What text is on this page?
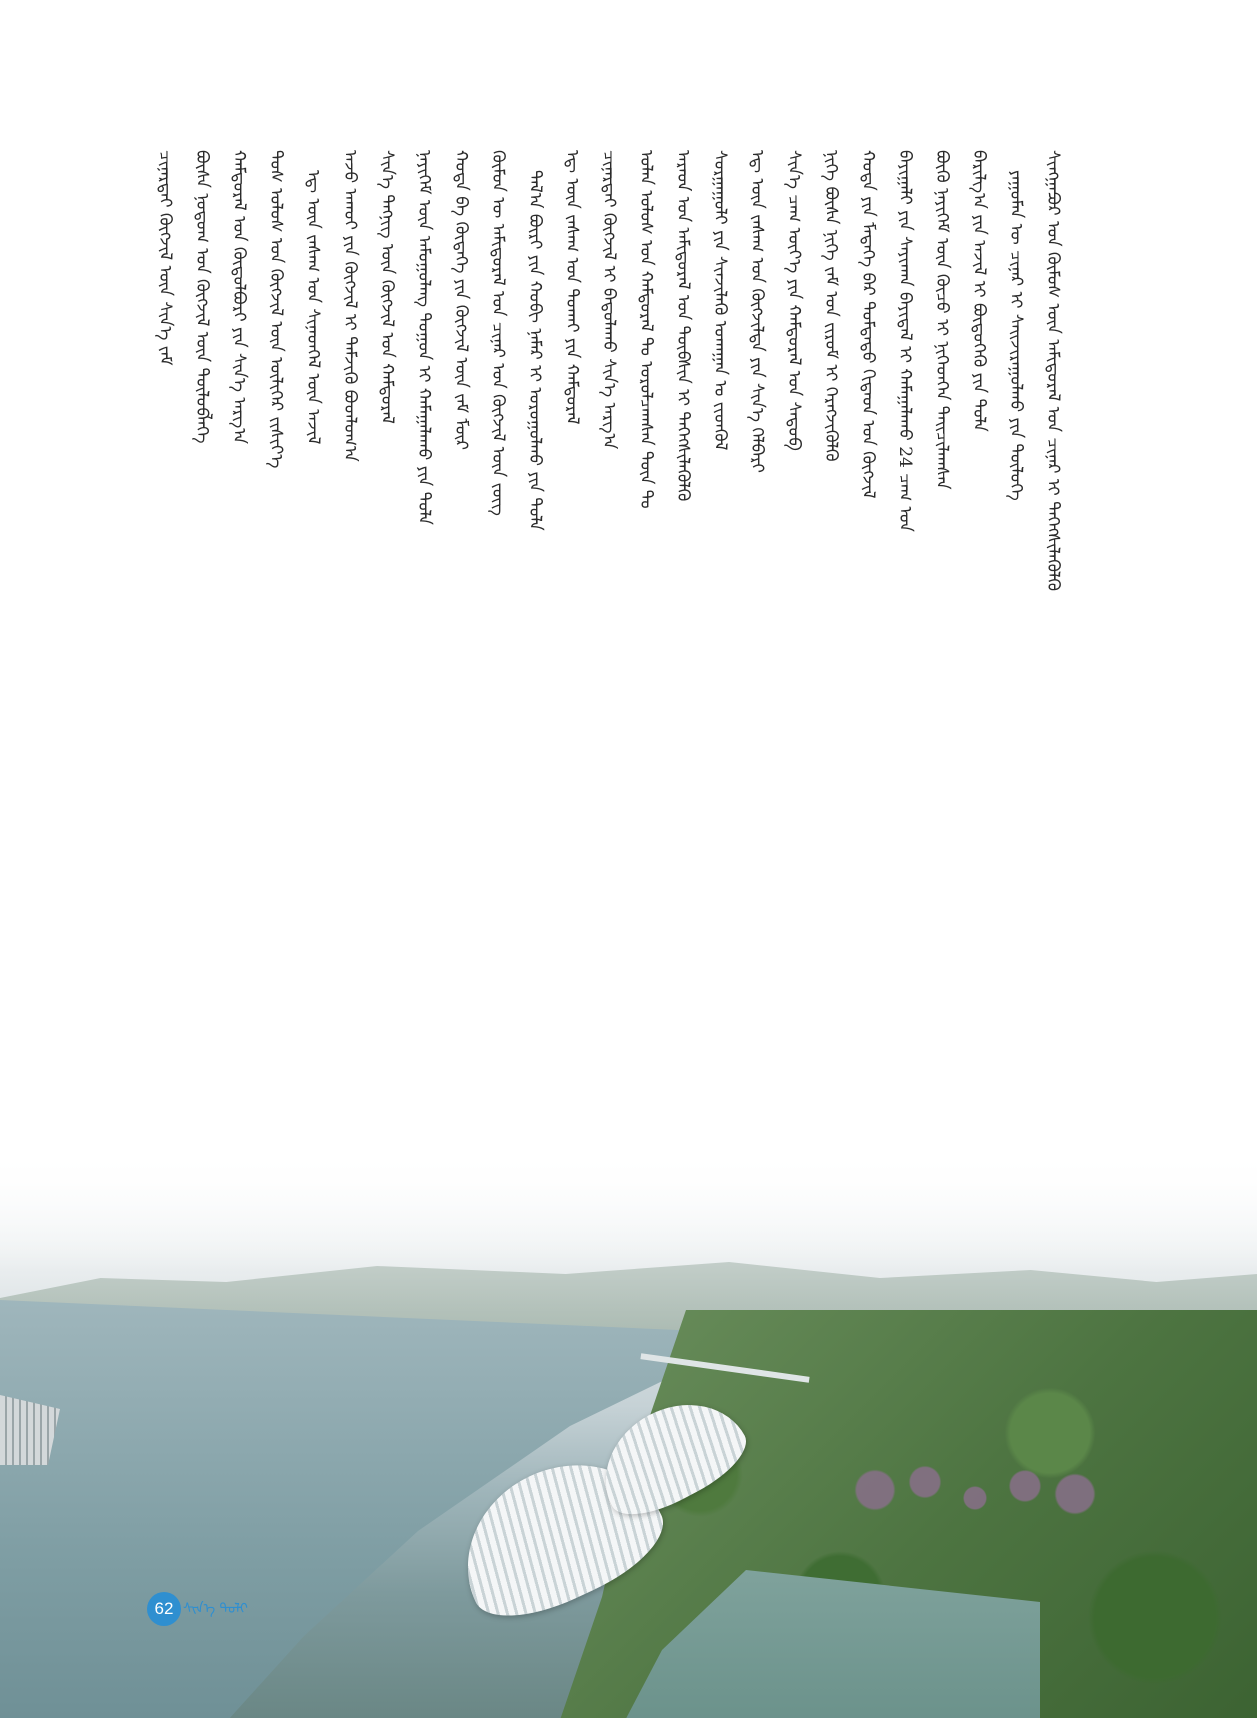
ᠰᠢᠨᠭᠭᠠᠫᠦᠷ ᠤᠨ ᠬᠦᠮᠦᠰ ᠦᠨ ᠠᠮᠢᠳᠤᠷᠠᠯ ᠤᠨ ᠴᠢᠨᠠᠷ ᠢ ᠳᠡᠭᠡᠭᠰᠢᠯᠡᠭᠦᠯᠬᠦ
ᠶᠠᠭᠤᠮᠠᠨ ᠦ ᠴᠢᠨᠠᠷ ᠢ ᠰᠠᠢᠵᠢᠷᠠᠭᠤᠯᠬᠤ ᠶᠢᠨ ᠲᠥᠯᠥᠭᠡ
ᠪᠠᠷᠢᠯᠭ᠎ᠠ ᠶᠢᠨ ᠠᠵᠢᠯ ᠢ ᠪᠦᠲᠦᠭᠡᠬᠦ ᠶᠢᠨ ᠲᠤᠯᠠ
ᠪᠦᠬᠦ ᠨᠡᠶᠢᠭᠡᠮ ᠦᠨ ᠬᠦᠴᠦ ᠢ ᠨᠢᠭᠡᠳᠬᠡᠨ ᠳᠠᠢᠴᠢᠯᠠᠭᠰᠠᠨ
ᠪᠠᠶᠢᠭᠠᠯᠢ ᠶᠢᠨ ᠰᠠᠶᠢᠬᠠᠨ ᠪᠠᠶᠢᠳᠠᠯ ᠢ ᠬᠠᠮᠠᠭᠠᠯᠠᠬᠤ 24 ᠴᠠᠭ ᠤᠨ
ᠬᠣᠲᠠ ᠶᠢᠨ ᠮᠡᠳᠡᠭᠡ ᠪᠠᠷ ᠳᠤᠮᠳᠠᠳᠤ ᠬᠢᠳᠠᠳ ᠤᠨ ᠬᠥᠭᠵᠢᠯ
ᠨᠢᠭᠡ ᠪᠦᠰᠡ ᠨᠢᠭᠡ ᠵᠠᠮ ᠤᠨ ᠵᠢᠷᠤᠮ ᠢ ᠬᠡᠷᠡᠭᠵᠢᠭᠦᠯᠬᠦ
ᠰᠢᠨ᠎ᠡ ᠴᠠᠭ ᠦᠶ᠎ᠡ ᠶᠢᠨ ᠬᠠᠮᠲᠤᠷᠠᠯ ᠤᠨ ᠰᠡᠳᠦᠪ
ᠡᠳ᠋ ᠦᠨ ᠵᠠᠰᠠᠭ ᠤᠨ ᠬᠥᠭᠵᠢᠯᠲᠡ ᠶᠢᠨ ᠰᠢᠨ᠎ᠡ ᠬᠡᠯᠪᠡᠷᠢ
ᠰᠤᠷᠭᠠᠭᠤᠯᠢ ᠶᠢᠨ ᠰᠢᠨᠵᠢᠯᠡᠬᠦ ᠤᠬᠠᠭᠠᠨ ᠤ ᠵᠢᠳᠭᠦᠯ
ᠠᠷᠠᠳ ᠤᠨ ᠠᠮᠢᠳᠤᠷᠠᠯ ᠤᠨ ᠲᠦᠪᠰᠢᠨ ᠢ ᠳᠡᠭᠡᠭᠰᠢᠯᠡᠭᠦᠯᠬᠦ
ᠣᠯᠠᠨ ᠤᠯᠤᠰ ᠤᠨ ᠬᠠᠮᠲᠤᠷᠠᠯ ᠲᠤ ᠣᠷᠣᠯᠴᠠᠭᠰᠠᠨ ᠳᠦᠨ ᠲᠤ
ᠴᠢᠨᠠᠷᠲᠠᠢ ᠬᠥᠭᠵᠢᠯ ᠢ ᠪᠠᠲᠤᠯᠠᠬᠤ ᠰᠢᠨ᠎ᠡ ᠠᠷᠭ᠎ᠠ
ᠡᠳ᠋ ᠦᠨ ᠵᠠᠰᠠᠭ ᠤᠨ ᠲᠤᠬᠠᠢ ᠶᠢᠨ ᠬᠠᠮᠲᠤᠷᠠᠯ
ᠲᠠᠯ᠎ᠠ ᠪᠦᠷᠢ ᠶᠢᠨ ᠬᠤᠪᠢ ᠨᠡᠮᠡᠷ ᠢ ᠣᠷᠣᠭᠤᠯᠬᠤ ᠶᠢᠨ ᠲᠤᠯᠠ
ᠬᠦᠮᠦᠨ ᠦ ᠠᠮᠢᠳᠤᠷᠠᠯ ᠤᠨ ᠴᠢᠨᠠᠷ ᠤᠨ ᠬᠥᠭᠵᠢᠯ ᠦᠨ ᠵᠦᠭ
ᠬᠣᠲᠠ ᠪᠠ ᠬᠥᠳᠡᠭᠡ ᠶᠢᠨ ᠬᠥᠭᠵᠢᠯ ᠦᠨ ᠵᠠᠮ ᠮᠥᠷ
ᠨᠡᠶᠢᠭᠡᠮ ᠦᠨ ᠠᠮᠤᠭᠤᠯᠠᠩ ᠲᠤᠭᠤᠨ ᠢ ᠬᠠᠮᠠᠭᠠᠯᠠᠬᠤ ᠶᠢᠨ ᠲᠤᠯᠠ
ᠰᠢᠨ᠎ᠡ ᠲᠡᠬᠨᠢᠭ ᠦᠨ ᠬᠥᠭᠵᠢᠯ ᠤᠨ ᠬᠠᠮᠲᠤᠷᠠᠯ
ᠠᠵᠤ ᠠᠬᠤᠢ ᠶᠢᠨ ᠬᠥᠭᠵᠢᠯ ᠢ ᠳᠡᠮᠵᠢᠬᠦ ᠪᠣᠳᠯᠣᠭ᠎ᠠ
ᠡᠳ᠋ ᠦᠨ ᠵᠠᠰᠠᠭ ᠤᠨ ᠰᠢᠨᠡᠳᠬᠡᠯ ᠦᠨ ᠠᠵᠢᠯ
ᠲᠤᠰ ᠤᠯᠤᠰ ᠤᠨ ᠬᠥᠭᠵᠢᠯ ᠦᠨ ᠦᠯᠢᠭᠡᠷ ᠵᠢᠱᠢᠶ᠎ᠡ
ᠬᠠᠮᠲᠤᠷᠠᠯ ᠤᠨ ᠬᠥᠲᠥᠯᠪᠦᠷᠢ ᠶᠢᠨ ᠰᠢᠨ᠎ᠡ ᠠᠷᠭ᠎ᠠ
ᠪᠦᠰᠡ ᠨᠤᠲᠤᠭ ᠤᠨ ᠬᠥᠭᠵᠢᠯ ᠦᠨ ᠲᠥᠯᠥᠪᠯᠡᠭᠡ
ᠴᠢᠨᠠᠷᠲᠠᠢ ᠬᠥᠭᠵᠢᠯ ᠦᠨ ᠰᠢᠨ᠎ᠡ ᠵᠠᠮ
62 ᠰᠢᠨ᠎ᠡ ᠲᠣᠯᠢ
